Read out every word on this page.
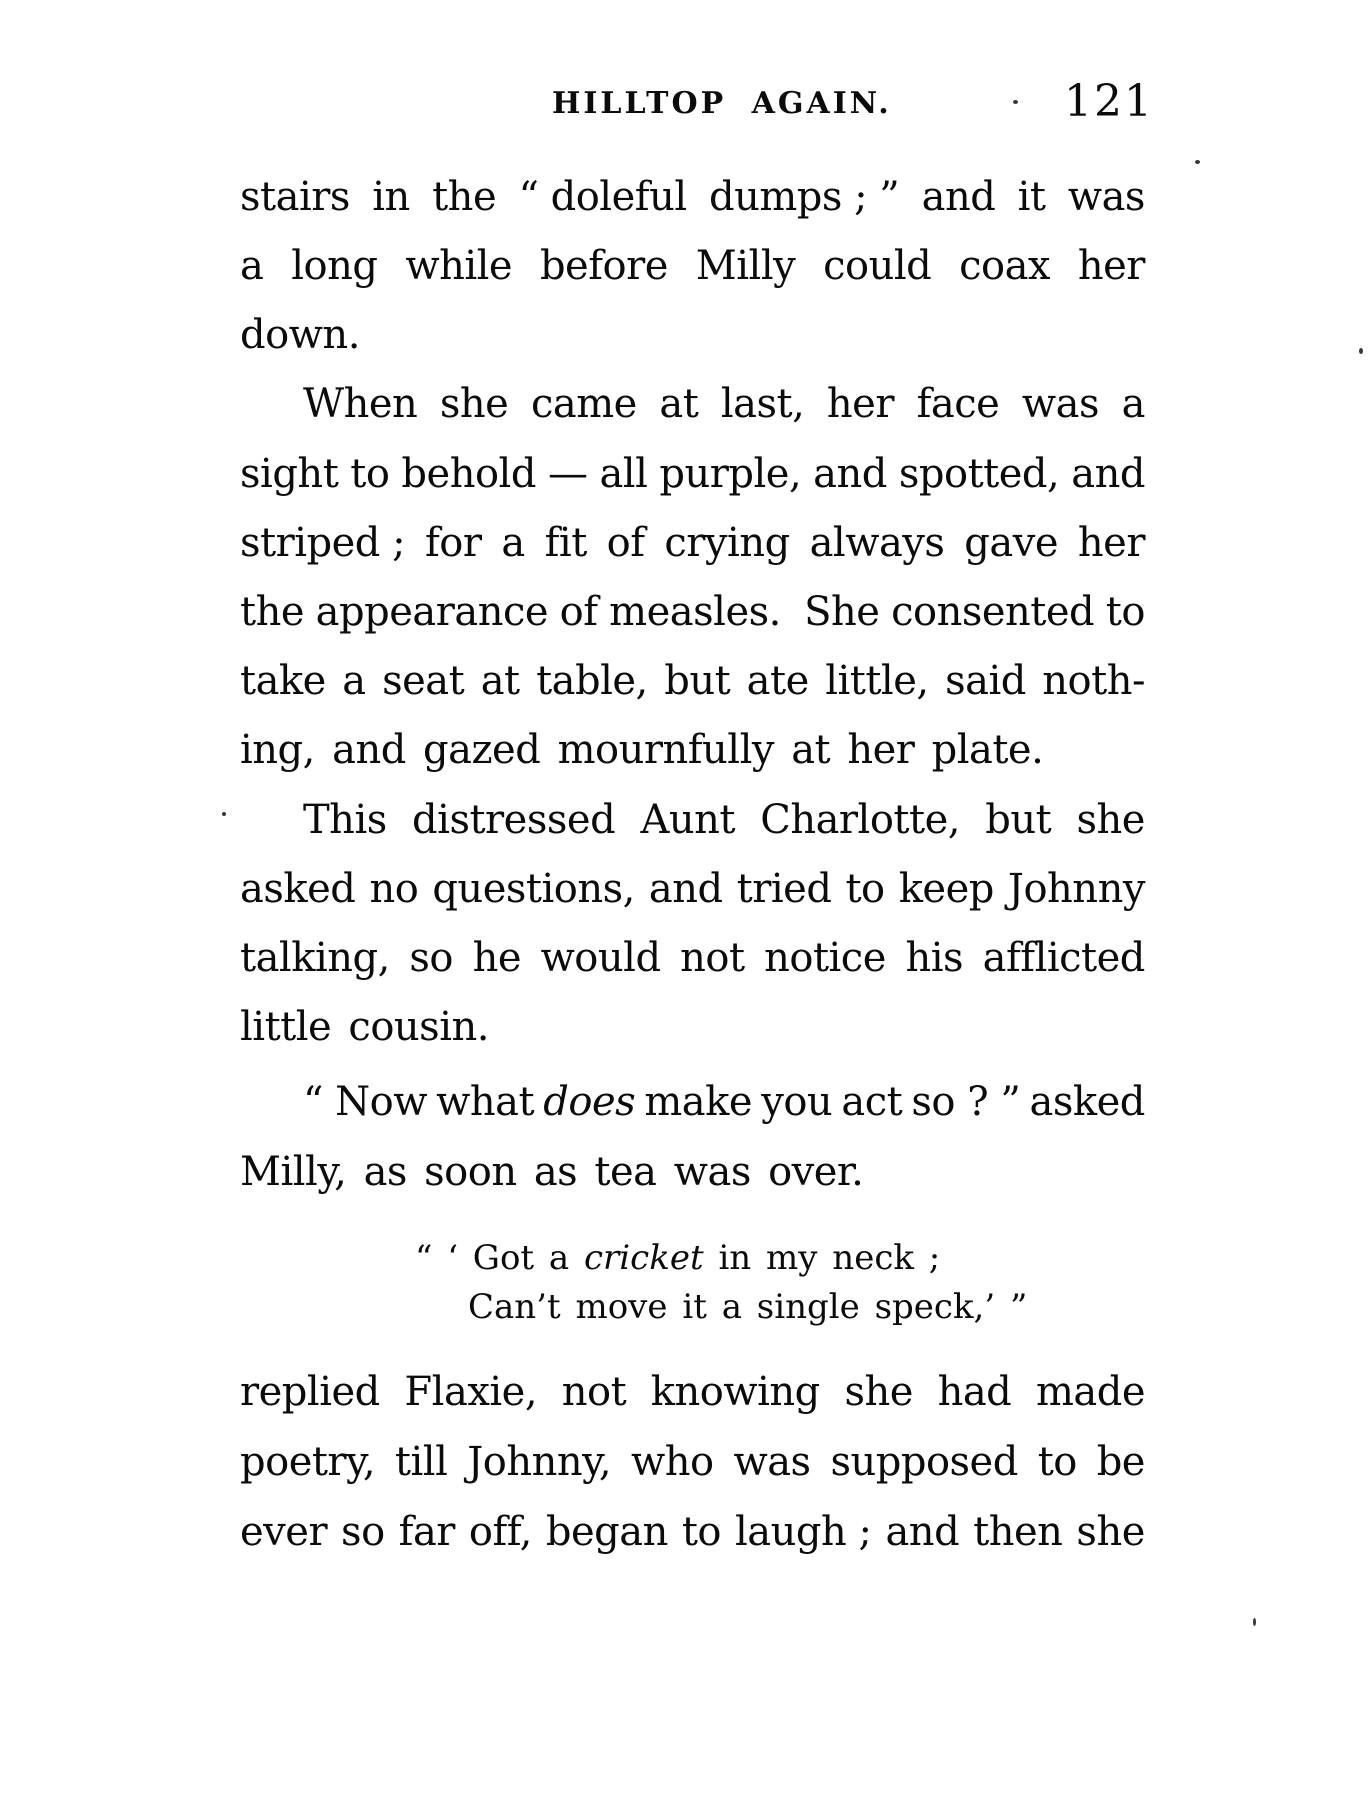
HILLTOP AGAIN.	121
stairs in the “ doleful dumps ; ” and it was
a long while before Milly could coax her
down.
When she came at last, her face was a
sight to behold — all purple, and spotted, and
striped ; for a fit of crying always gave her
the appearance of measles. She consented to
take a seat at table, but ate little, said noth-
ing, and gazed mournfully at her plate.
This distressed Aunt Charlotte, but she
asked no questions, and tried to keep Johnny
talking, so he would not notice his afflicted
little cousin.
“ Now what does make you act so ? ” asked
Milly, as soon as tea was over.
“ ‘ Got a cricket in my neck ;
Can’t move it a single speck,’ ”
replied Flaxie, not knowing she had made
poetry, till Johnny, who was supposed to be
ever so far off, began to laugh ; and then she
